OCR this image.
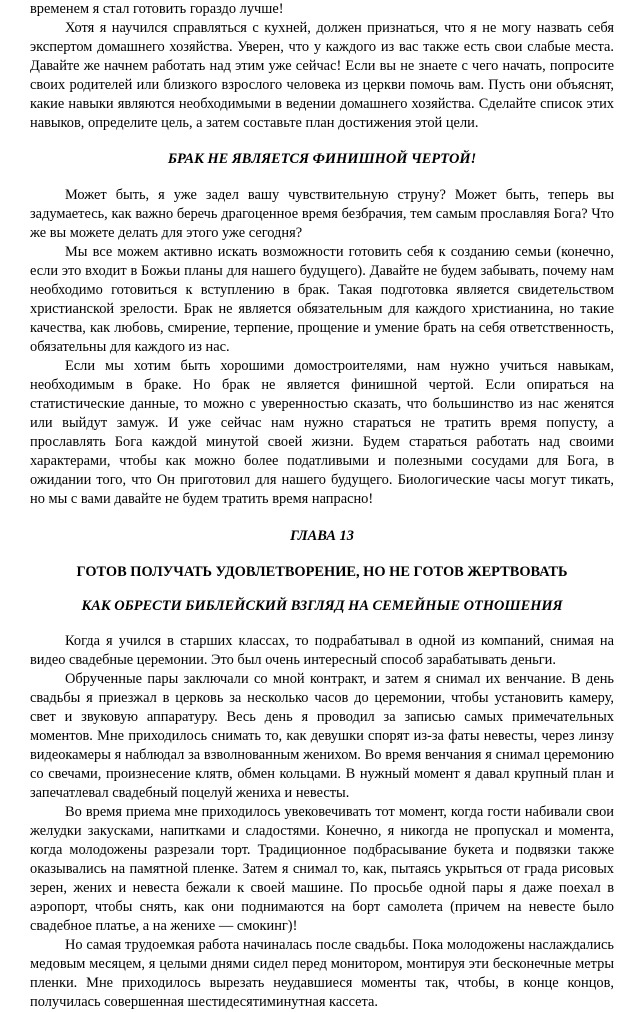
временем я стал готовить гораздо лучше!

Хотя я научился справляться с кухней, должен признаться, что я не могу назвать себя экспертом домашнего хозяйства. Уверен, что у каждого из вас также есть свои слабые места. Давайте же начнем работать над этим уже сейчас! Если вы не знаете с чего начать, попросите своих родителей или близкого взрослого человека из церкви помочь вам. Пусть они объяснят, какие навыки являются необходимыми в ведении домашнего хозяйства. Сделайте список этих навыков, определите цель, а затем составьте план достижения этой цели.

БРАК НЕ ЯВЛЯЕТСЯ ФИНИШНОЙ ЧЕРТОЙ!

Может быть, я уже задел вашу чувствительную струну? Может быть, теперь вы задумаетесь, как важно беречь драгоценное время безбрачия, тем самым прославляя Бога? Что же вы можете делать для этого уже сегодня?

Мы все можем активно искать возможности готовить себя к созданию семьи (конечно, если это входит в Божьи планы для нашего будущего). Давайте не будем забывать, почему нам необходимо готовиться к вступлению в брак. Такая подготовка является свидетельством христианской зрелости. Брак не является обязательным для каждого христианина, но такие качества, как любовь, смирение, терпение, прощение и умение брать на себя ответственность, обязательны для каждого из нас.

Если мы хотим быть хорошими домостроителями, нам нужно учиться навыкам, необходимым в браке. Но брак не является финишной чертой. Если опираться на статистические данные, то можно с уверенностью сказать, что большинство из нас женятся или выйдут замуж. И уже сейчас нам нужно стараться не тратить время попусту, а прославлять Бога каждой минутой своей жизни. Будем стараться работать над своими характерами, чтобы как можно более податливыми и полезными сосудами для Бога, в ожидании того, что Он приготовил для нашего будущего. Биологические часы могут тикать, но мы с вами давайте не будем тратить время напрасно!

ГЛАВА 13
ГОТОВ ПОЛУЧАТЬ УДОВЛЕТВОРЕНИЕ, НО НЕ ГОТОВ ЖЕРТВОВАТЬ
КАК ОБРЕСТИ БИБЛЕЙСКИЙ ВЗГЛЯД НА СЕМЕЙНЫЕ ОТНОШЕНИЯ

Когда я учился в старших классах, то подрабатывал в одной из компаний, снимая на видео свадебные церемонии. Это был очень интересный способ зарабатывать деньги.

Обрученные пары заключали со мной контракт, и затем я снимал их венчание. В день свадьбы я приезжал в церковь за несколько часов до церемонии, чтобы установить камеру, свет и звуковую аппаратуру. Весь день я проводил за записью самых примечательных моментов. Мне приходилось снимать то, как девушки спорят из-за фаты невесты, через линзу видеокамеры я наблюдал за взволнованным женихом. Во время венчания я снимал церемонию со свечами, произнесение клятв, обмен кольцами. В нужный момент я давал крупный план и запечатлевал свадебный поцелуй жениха и невесты.

Во время приема мне приходилось увековечивать тот момент, когда гости набивали свои желудки закусками, напитками и сладостями. Конечно, я никогда не пропускал и момента, когда молодожены разрезали торт. Традиционное подбрасывание букета и подвязки также оказывались на памятной пленке. Затем я снимал то, как, пытаясь укрыться от града рисовых зерен, жених и невеста бежали к своей машине. По просьбе одной пары я даже поехал в аэропорт, чтобы снять, как они поднимаются на борт самолета (причем на невесте было свадебное платье, а на женихе — смокинг)!

Но самая трудоемкая работа начиналась после свадьбы. Пока молодожены наслаждались медовым месяцем, я целыми днями сидел перед монитором, монтируя эти бесконечные метры пленки. Мне приходилось вырезать неудавшиеся моменты так, чтобы, в конце концов, получилась совершенная шестидесятиминутная кассета.
